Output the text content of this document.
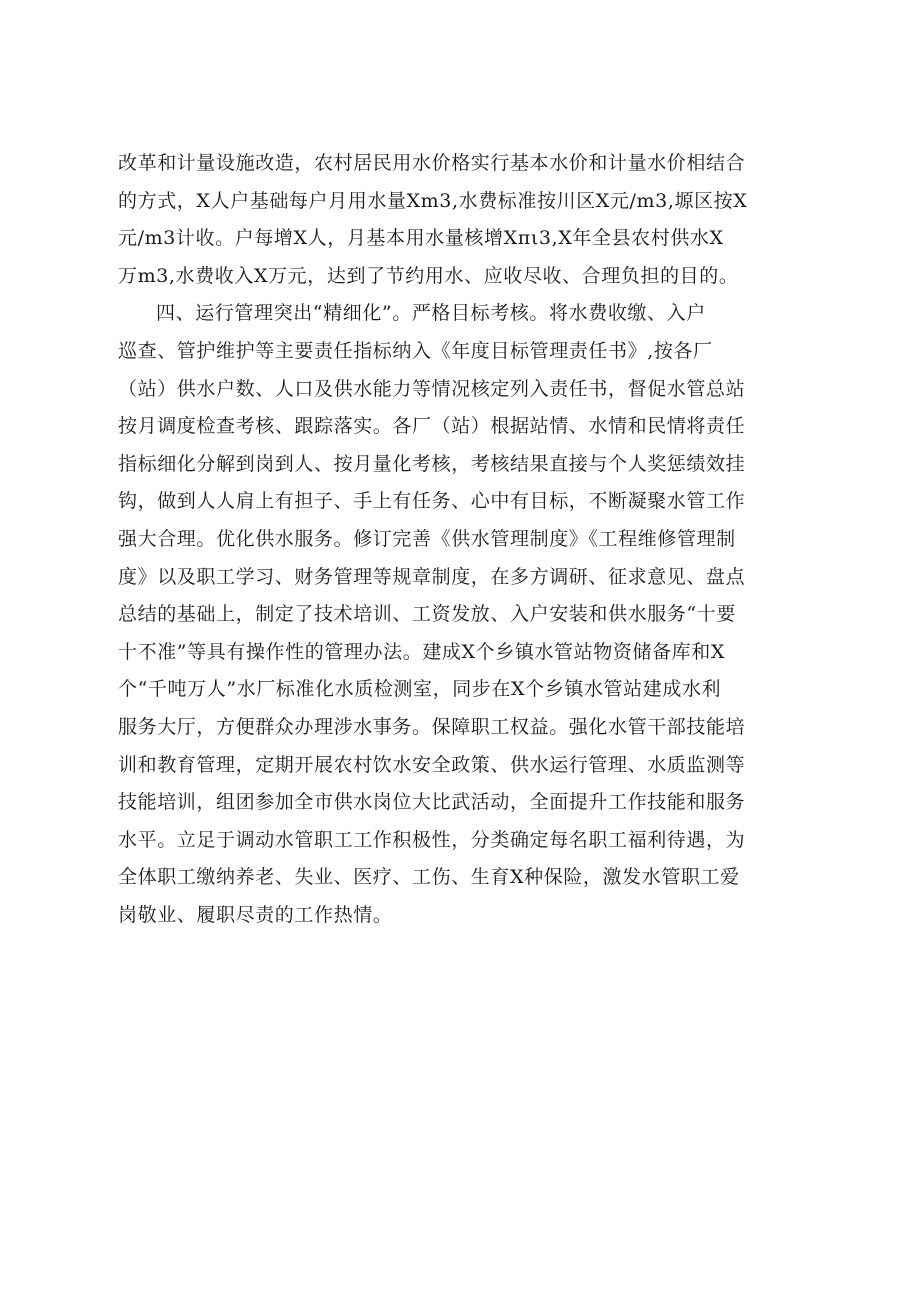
改革和计量设施改造，农村居民用水价格实行基本水价和计量水价相结合
的方式，X人户基础每户月用水量Xm3,水费标准按川区X元/m3,塬区按X
元/m3计收。户每增X人，月基本用水量核增Xπι3,X年全县农村供水X
万m3,水费收入X万元，达到了节约用水、应收尽收、合理负担的目的。
四、运行管理突出“精细化”。严格目标考核。将水费收缴、入户
巡查、管护维护等主要责任指标纳入《年度目标管理责任书》,按各厂
（站）供水户数、人口及供水能力等情况核定列入责任书，督促水管总站
按月调度检查考核、跟踪落实。各厂（站）根据站情、水情和民情将责任
指标细化分解到岗到人、按月量化考核，考核结果直接与个人奖惩绩效挂
钩，做到人人肩上有担子、手上有任务、心中有目标，不断凝聚水管工作
强大合理。优化供水服务。修订完善《供水管理制度》《工程维修管理制
度》以及职工学习、财务管理等规章制度，在多方调研、征求意见、盘点
总结的基础上，制定了技术培训、工资发放、入户安装和供水服务“十要
十不准”等具有操作性的管理办法。建成X个乡镇水管站物资储备库和X
个“千吨万人”水厂标准化水质检测室，同步在X个乡镇水管站建成水利
服务大厅，方便群众办理涉水事务。保障职工权益。强化水管干部技能培
训和教育管理，定期开展农村饮水安全政策、供水运行管理、水质监测等
技能培训，组团参加全市供水岗位大比武活动，全面提升工作技能和服务
水平。立足于调动水管职工工作积极性，分类确定每名职工福利待遇，为
全体职工缴纳养老、失业、医疗、工伤、生育X种保险，激发水管职工爱
岗敬业、履职尽责的工作热情。
